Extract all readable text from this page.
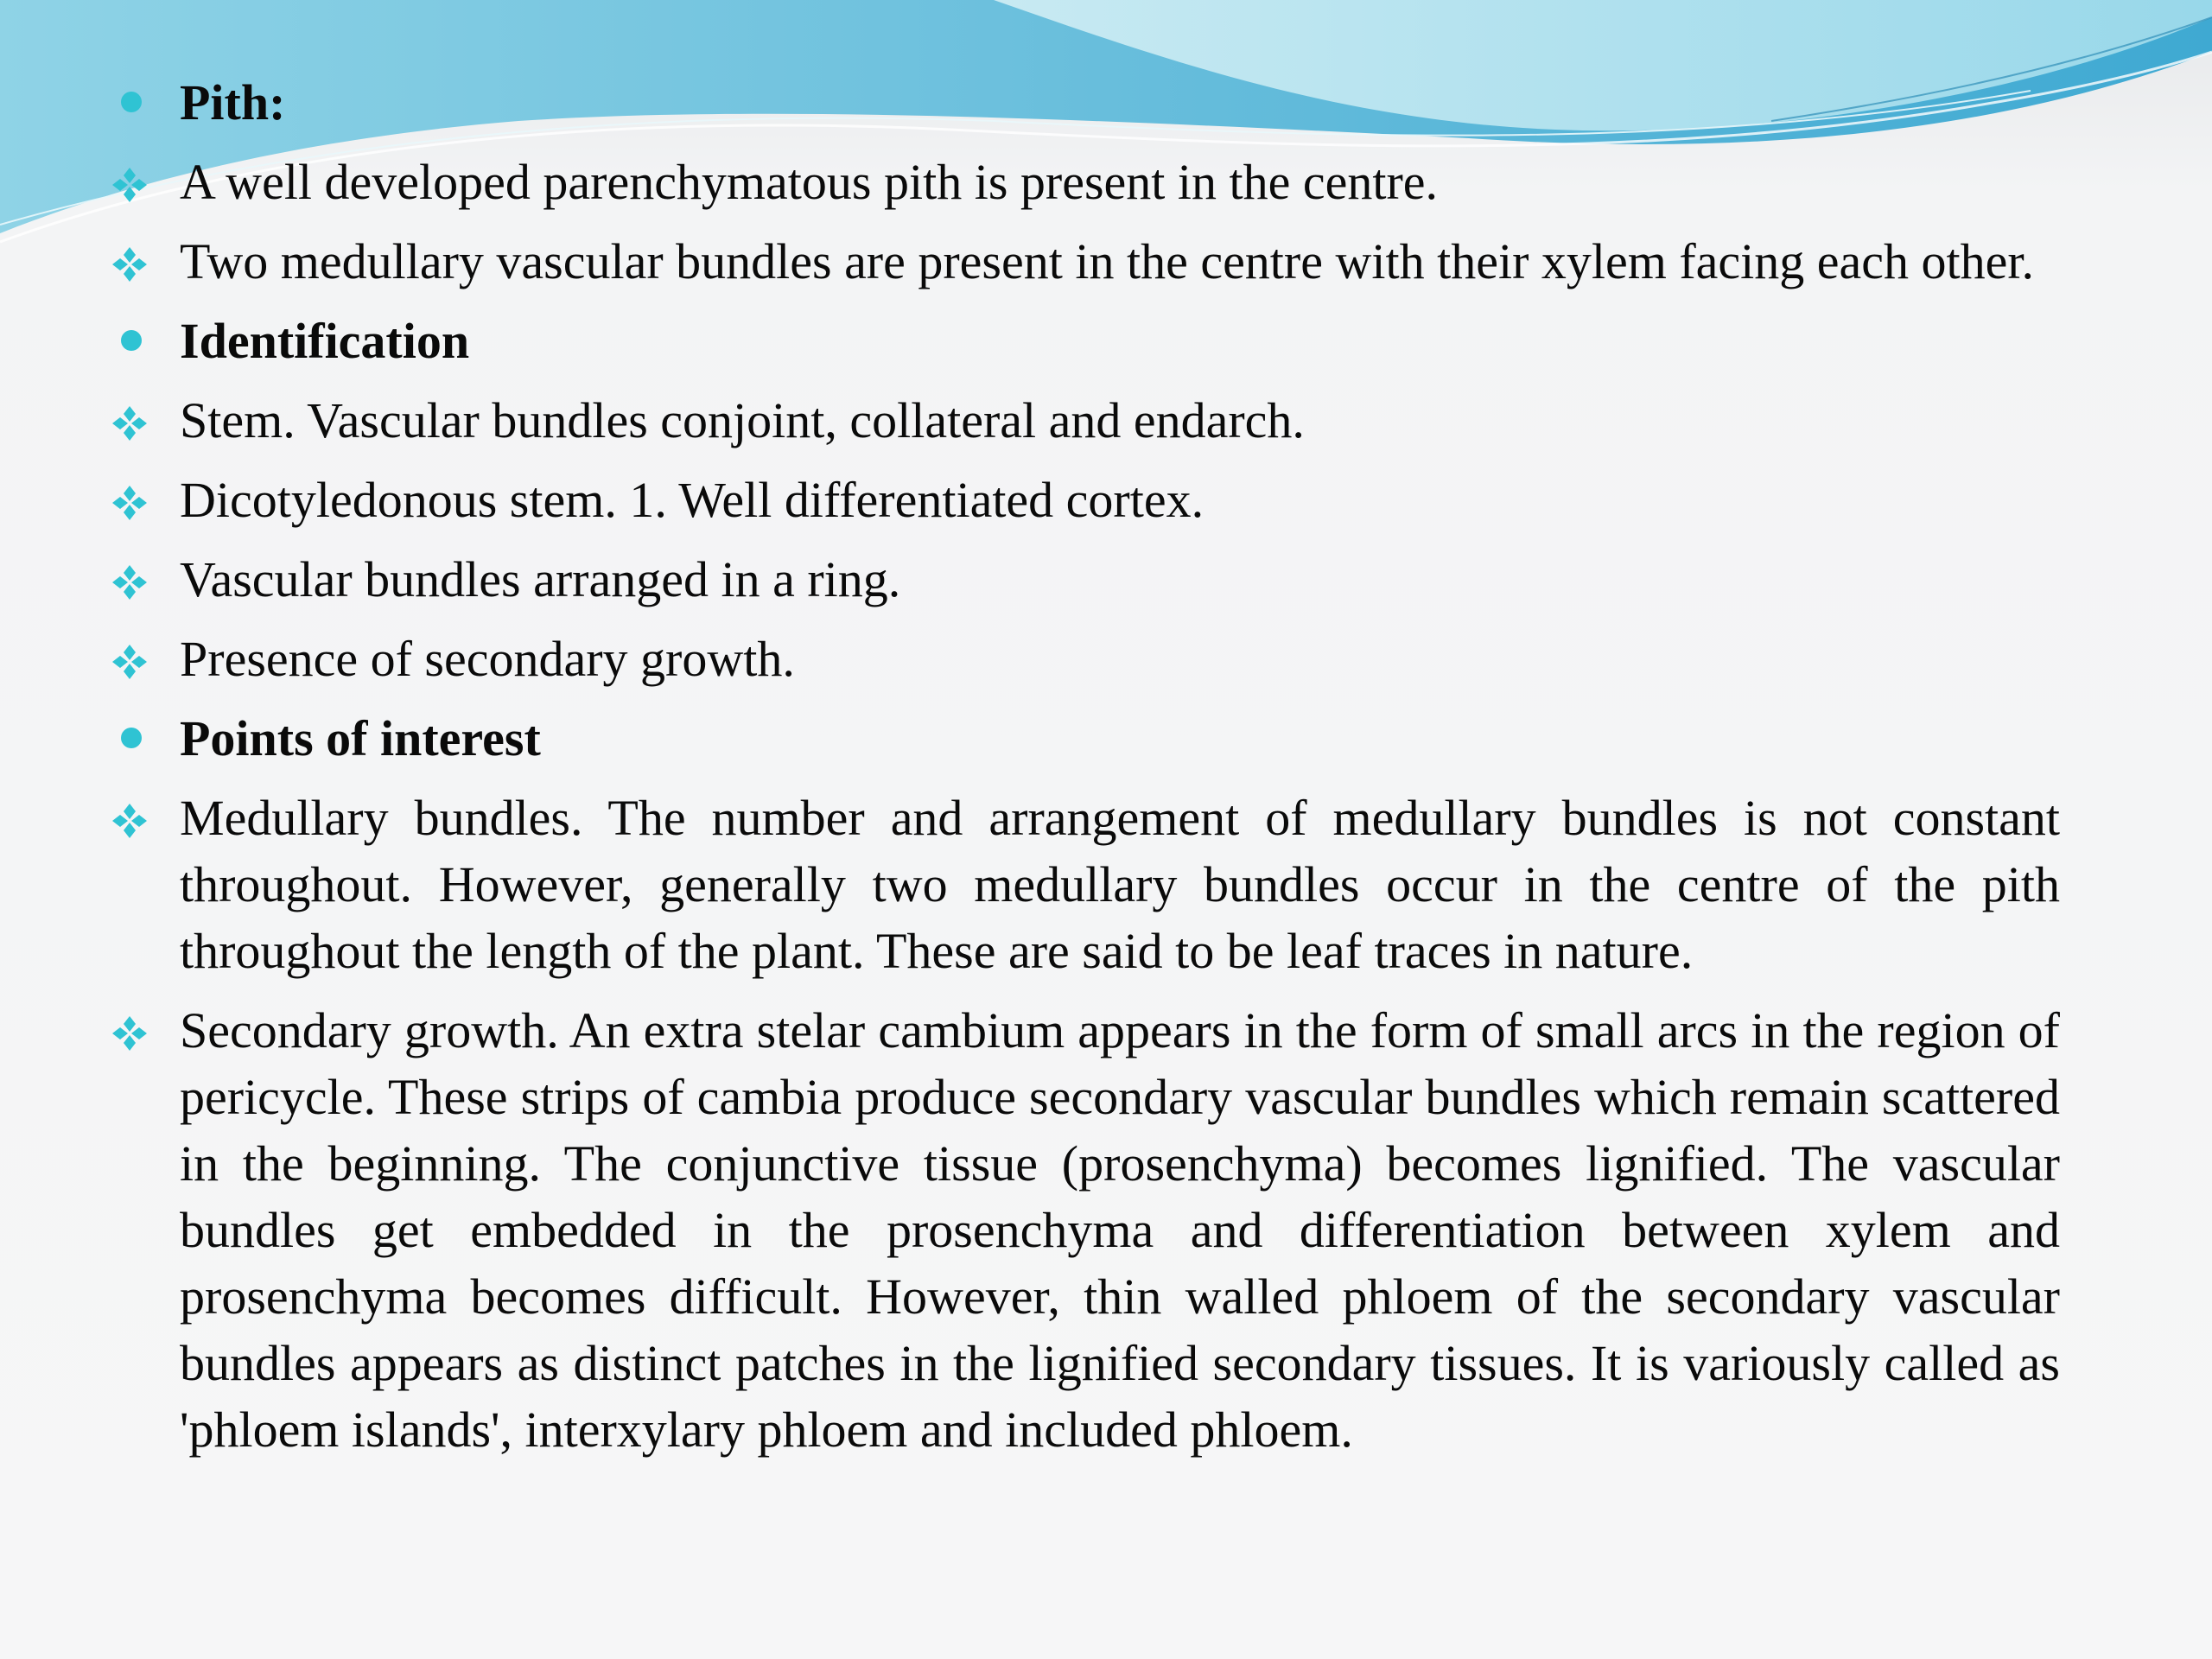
Pith:
A well developed parenchymatous pith is present in the centre.
Two medullary vascular bundles are present in the centre with their xylem facing each other.
Identification
Stem. Vascular bundles conjoint, collateral and endarch.
Dicotyledonous stem. 1. Well differentiated cortex.
Vascular bundles arranged in a ring.
Presence of secondary growth.
Points of interest
Medullary bundles. The number and arrangement of medullary bundles is not constant throughout. However, generally two medullary bundles occur in the centre of the pith throughout the length of the plant. These are said to be leaf traces in nature.
Secondary growth. An extra stelar cambium appears in the form of small arcs in the region of pericycle. These strips of cambia produce secondary vascular bundles which remain scattered in the beginning. The conjunctive tissue (prosenchyma) becomes lignified. The vascular bundles get embedded in the prosenchyma and differentiation between xylem and prosenchyma becomes difficult. However, thin walled phloem of the secondary vascular bundles appears as distinct patches in the lignified secondary tissues. It is variously called as 'phloem islands', interxylary phloem and included phloem.
